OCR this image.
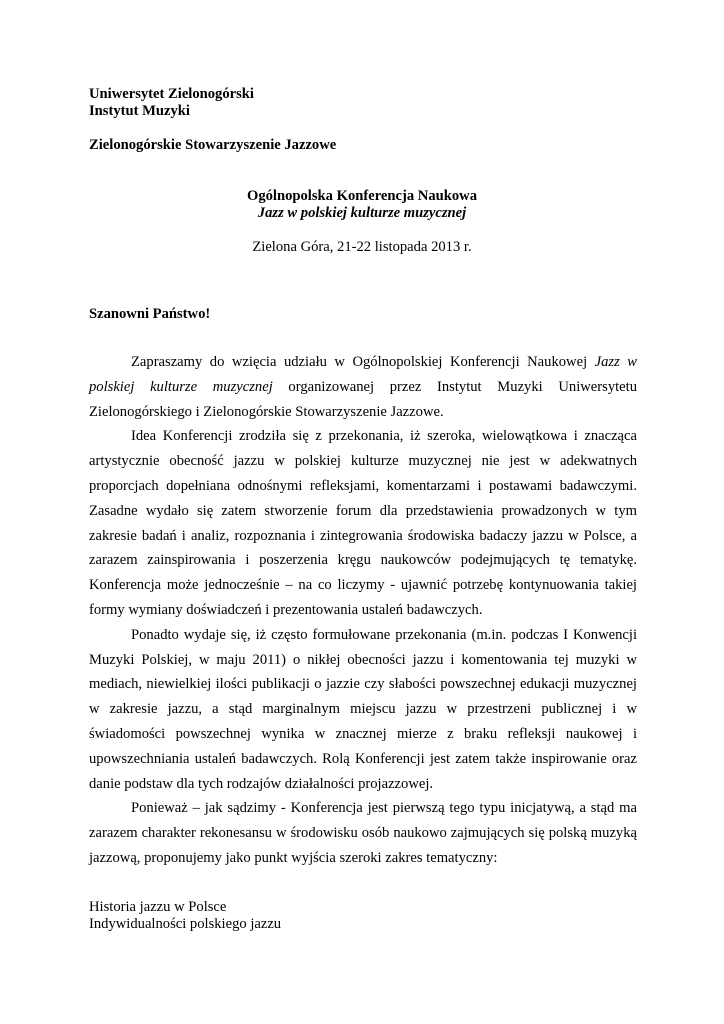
Uniwersytet Zielonogórski
Instytut Muzyki
Zielonogórskie Stowarzyszenie Jazzowe
Ogólnopolska Konferencja Naukowa
Jazz w polskiej kulturze muzycznej
Zielona Góra, 21-22 listopada 2013 r.
Szanowni Państwo!

Zapraszamy do wzięcia udziału w Ogólnopolskiej Konferencji Naukowej Jazz w polskiej kulturze muzycznej organizowanej przez Instytut Muzyki Uniwersytetu Zielonogórskiego i Zielonogórskie Stowarzyszenie Jazzowe.

Idea Konferencji zrodziła się z przekonania, iż szeroka, wielowątkowa i znacząca artystycznie obecność jazzu w polskiej kulturze muzycznej nie jest w adekwatnych proporcjach dopełniana odnośnymi refleksjami, komentarzami i postawami badawczymi. Zasadne wydało się zatem stworzenie forum dla przedstawienia prowadzonych w tym zakresie badań i analiz, rozpoznania i zintegrowania środowiska badaczy jazzu w Polsce, a zarazem zainspirowania i poszerzenia kręgu naukowców podejmujących tę tematykę. Konferencja może jednocześnie – na co liczymy - ujawnić potrzebę kontynuowania takiej formy wymiany doświadczeń i prezentowania ustaleń badawczych.

Ponadto wydaje się, iż często formułowane przekonania (m.in. podczas I Konwencji Muzyki Polskiej, w maju 2011) o nikłej obecności jazzu i komentowania tej muzyki w mediach, niewielkiej ilości publikacji o jazzie czy słabości powszechnej edukacji muzycznej w zakresie jazzu, a stąd marginalnym miejscu jazzu w przestrzeni publicznej i w świadomości powszechnej wynika w znacznej mierze z braku refleksji naukowej i upowszechniania ustaleń badawczych. Rolą Konferencji jest zatem także inspirowanie oraz danie podstaw dla tych rodzajów działalności projazzowej.

Ponieważ – jak sądzimy - Konferencja jest pierwszą tego typu inicjatywą, a stąd ma zarazem charakter rekonesansu w środowisku osób naukowo zajmujących się polską muzyką jazzową, proponujemy jako punkt wyjścia szeroki zakres tematyczny:

Historia jazzu w Polsce
Indywidualności polskiego jazzu
